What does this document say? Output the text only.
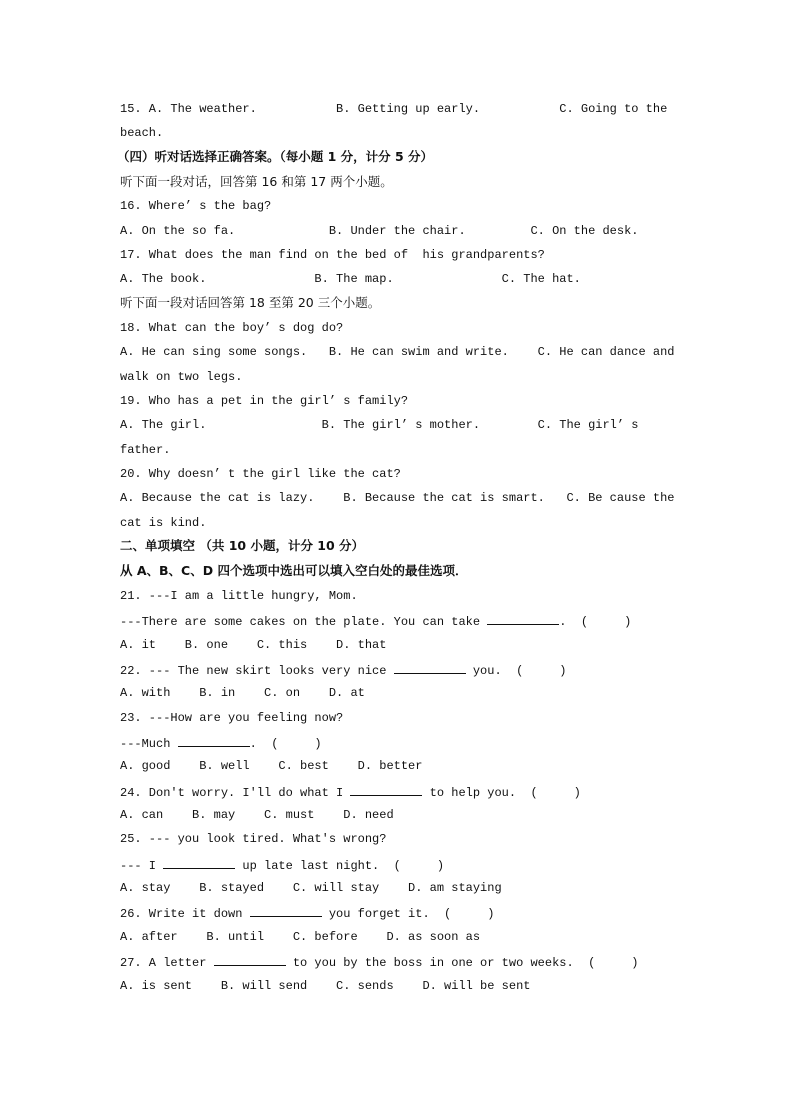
15. A. The weather.           B. Getting up early.           C. Going to the
beach.
（四）听对话选择正确答案。（每小题 1 分，计分 5 分）
听下面一段对话，回答第 16 和第 17 两个小题。
16. Where’ s the bag?
A. On the so fa.             B. Under the chair.         C. On the desk.
17. What does the man find on the bed of  his grandparents?
A. The book.               B. The map.               C. The hat.
听下面一段对话回答第 18 至第 20 三个小题。
18. What can the boy’ s dog do?
A. He can sing some songs.   B. He can swim and write.    C. He can dance and
walk on two legs.
19. Who has a pet in the girl’ s family?
A. The girl.                B. The girl’ s mother.        C. The girl’ s
father.
20. Why doesn’ t the girl like the cat?
A. Because the cat is lazy.    B. Because the cat is smart.   C. Be cause the
cat is kind.
二、单项填空 （共 10 小题，计分 10 分）
从 A、B、C、D 四个选项中选出可以填入空白处的最佳选项．
21. ---I am a little hungry, Mom.
---There are some cakes on the plate. You can take	.  (     )
A. it    B. one    C. this    D. that
22. --- The new skirt looks very nice	you.  (     )
A. with    B. in    C. on    D. at
23. ---How are you feeling now?
---Much	.  (     )
A. good    B. well    C. best    D. better
24. Don't worry. I'll do what I	to help you.  (     )
A. can    B. may    C. must    D. need
25. --- you look tired. What's wrong?
--- I	up late last night.  (     )
A. stay    B. stayed    C. will stay    D. am staying
26. Write it down	you forget it.  (     )
A. after    B. until    C. before    D. as soon as
27. A letter	to you by the boss in one or two weeks.  (     )
A. is sent    B. will send    C. sends    D. will be sent
